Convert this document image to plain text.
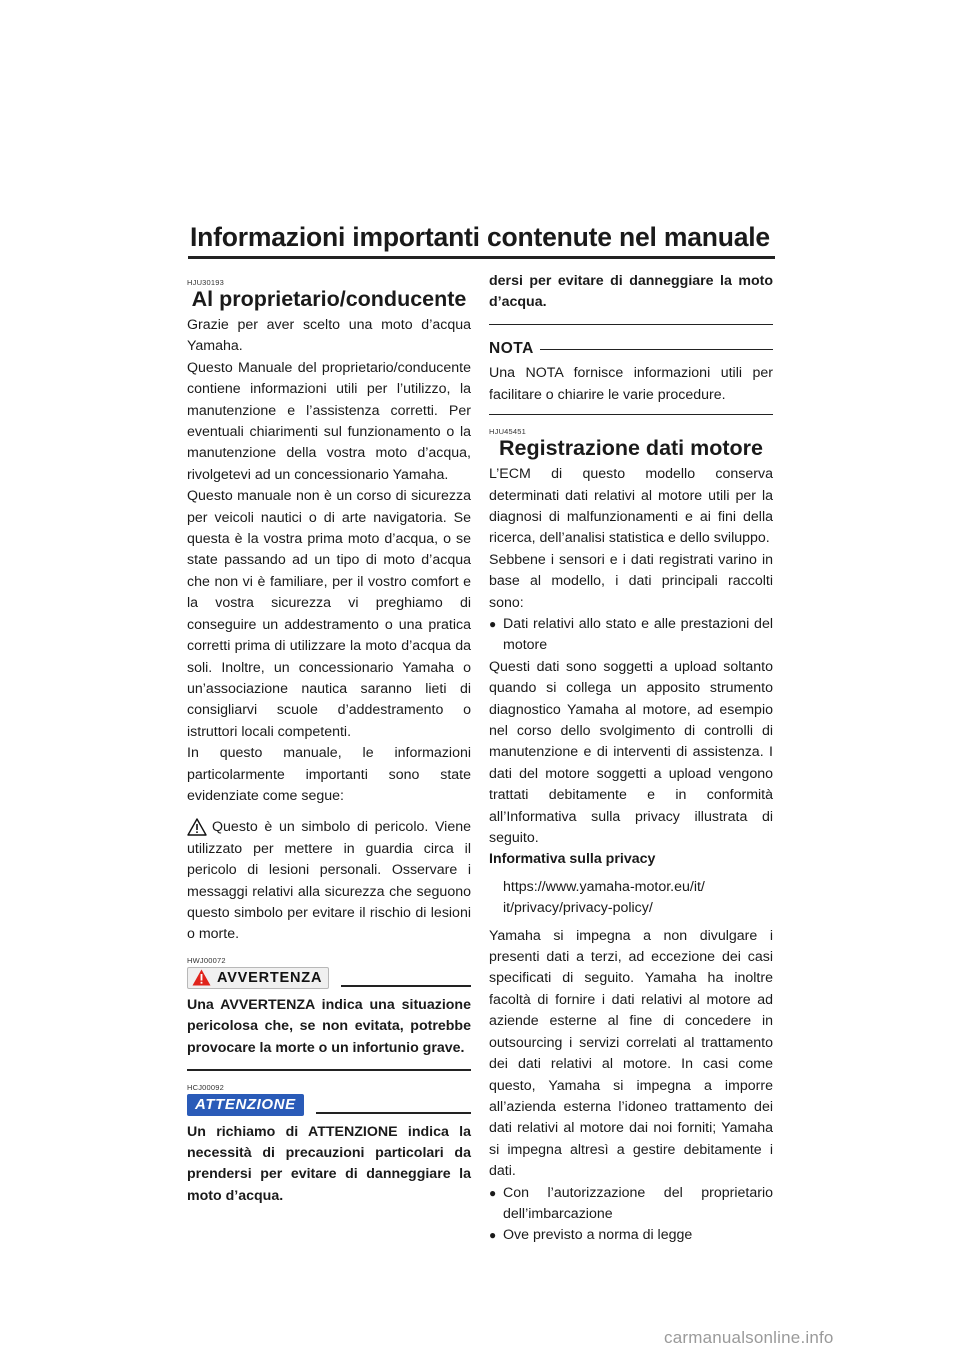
Informazioni importanti contenute nel manuale
HJU30193
Al proprietario/conducente

Grazie per aver scelto una moto d’acqua Yamaha.

Questo Manuale del proprietario/conducente contiene informazioni utili per l’utilizzo, la manutenzione e l’assistenza corretti. Per eventuali chiarimenti sul funzionamento o la manutenzione della vostra moto d’acqua, rivolgetevi ad un concessionario Yamaha.

Questo manuale non è un corso di sicurezza per veicoli nautici o di arte navigatoria. Se questa è la vostra prima moto d’acqua, o se state passando ad un tipo di moto d’acqua che non vi è familiare, per il vostro comfort e la vostra sicurezza vi preghiamo di conseguire un addestramento o una pratica corretti prima di utilizzare la moto d’acqua da soli. Inoltre, un concessionario Yamaha o un’associazione nautica saranno lieti di consigliarvi scuole d’addestramento o istruttori locali competenti.

In questo manuale, le informazioni particolarmente importanti sono state evidenziate come segue:

Questo è un simbolo di pericolo. Viene utilizzato per mettere in guardia circa il pericolo di lesioni personali. Osservare i messaggi relativi alla sicurezza che seguono questo simbolo per evitare il rischio di lesioni o morte.

HWJ00072
AVVERTENZA

Una AVVERTENZA indica una situazione pericolosa che, se non evitata, potrebbe provocare la morte o un infortunio grave.

HCJ00092
ATTENZIONE

Un richiamo di ATTENZIONE indica la necessità di precauzioni particolari da prendersi per evitare di danneggiare la moto d’acqua.

dersi per evitare di danneggiare la moto d’acqua.

NOTA

Una NOTA fornisce informazioni utili per facilitare o chiarire le varie procedure.

HJU45451
Registrazione dati motore

L’ECM di questo modello conserva determinati dati relativi al motore utili per la diagnosi di malfunzionamenti e ai fini della ricerca, dell’analisi statistica e dello sviluppo.

Sebbene i sensori e i dati registrati varino in base al modello, i dati principali raccolti sono:

● Dati relativi allo stato e alle prestazioni del motore

Questi dati sono soggetti a upload soltanto quando si collega un apposito strumento diagnostico Yamaha al motore, ad esempio nel corso dello svolgimento di controlli di manutenzione e di interventi di assistenza. I dati del motore soggetti a upload vengono trattati debitamente e in conformità all’Informativa sulla privacy illustrata di seguito.

Informativa sulla privacy

https://www.yamaha-motor.eu/it/
it/privacy/privacy-policy/

Yamaha si impegna a non divulgare i presenti dati a terzi, ad eccezione dei casi specificati di seguito. Yamaha ha inoltre facoltà di fornire i dati relativi al motore ad aziende esterne al fine di concedere in outsourcing i servizi correlati al trattamento dei dati relativi al motore. In casi come questo, Yamaha si impegna a imporre all’azienda esterna l’idoneo trattamento dei dati relativi al motore dai noi forniti; Yamaha si impegna altresì a gestire debitamente i dati.

● Con l’autorizzazione del proprietario dell’imbarcazione
● Ove previsto a norma di legge
carmanualsonline.info
